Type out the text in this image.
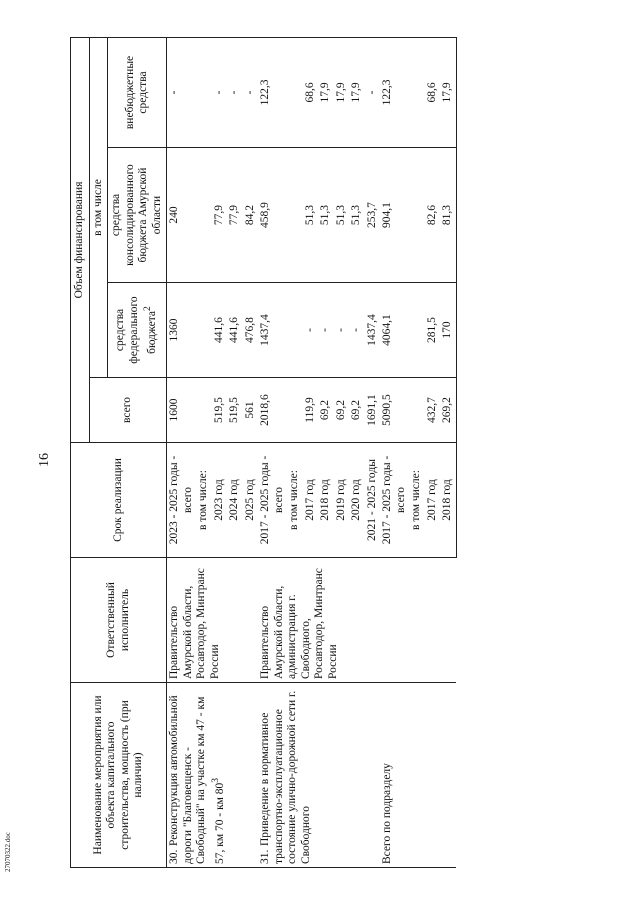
16
27070322.doc	Наименование мероприятия или объекта капитального строительства, мощность (при наличии)	Ответственный исполнитель	Срок реализации	Объем финансирования			
			всего	в том числе		
				средства федерального бюджета$^2$	средства консолидированного бюджета Амурской области	внебюджетные средства
30.Реконструкция автомобильной дороги "Благовещенск - Свободный" на участке км 47 - км 57, км 70 - км $80^3$	Правительство Амурской области, Росавтодор, Минтранс России	2023 - 2025 годы - всего	1600	1360	240	-
		в том числе:				
		2023 год	519,5	441,6	77,9	-
		2024 год	519,5	441,6	77,9	-
		2025 год	561	476,8	84,2	-
31.Приведение в нормативное транспортно-эксплуатационное состояние улично-дорожной сети г. Свободного	Правительство Амурской области, администрация г. Свободного, Росавтодор, Минтранс России	2017 - 2025 годы - всего	2018,6	1437,4	458,9	122,3
		в том числе:				
		2017 год	119,9	-	51,3	68,6
		2018 год	69,2	-	51,3	17,9
		2019 год	69,2	-	51,3	17,9
		2020 год	69,2	-	51,3	17,9
		2021 - 2025 годы	1691,1	1437,4	253,7	-
Всего по подразделу		2017 - 2025 годы - всего	5090,5	4064,1	904,1	122,3
		в том числе:				
		2017 год	432,7	281,5	82,6	68,6
		2018 год	269,2	170	81,3	17,9
